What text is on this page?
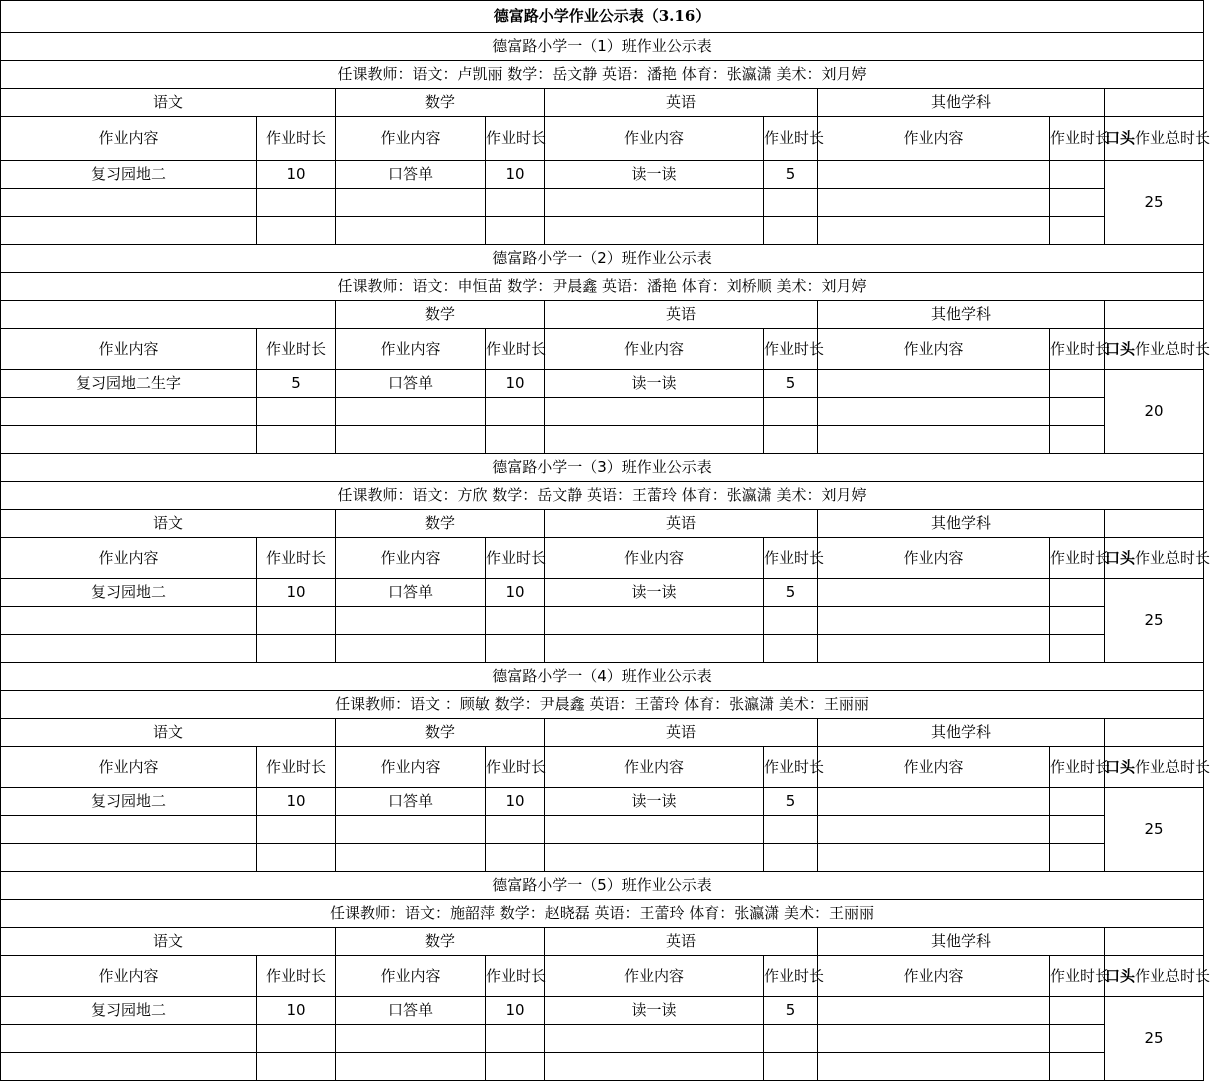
德富路小学作业公示表（3.16）								
德富路小学一（1）班作业公示表								
任课教师：语文：卢凯丽 数学：岳文静 英语：潘艳 体育：张瀛潇 美术：刘月婷								
语文		数学		英语		其他学科		
作业内容	作业时长	作业内容	作业时长	作业内容	作业时长	作业内容	作业时长	口头作业总时长
复习园地二	10	口答单	10	读一读	5			25

德富路小学一（2）班作业公示表								
任课教师：语文：申恒苗 数学：尹晨鑫 英语：潘艳 体育：刘桥顺 美术：刘月婷								
		数学		英语		其他学科		
作业内容	作业时长	作业内容	作业时长	作业内容	作业时长	作业内容	作业时长	口头作业总时长
复习园地二生字	5	口答单	10	读一读	5			20

德富路小学一（3）班作业公示表								
任课教师：语文：方欣 数学：岳文静 英语：王蕾玲 体育：张瀛潇 美术：刘月婷								
语文		数学		英语		其他学科		
作业内容	作业时长	作业内容	作业时长	作业内容	作业时长	作业内容	作业时长	口头作业总时长
复习园地二	10	口答单	10	读一读	5			25

德富路小学一（4）班作业公示表								
任课教师：语文 ：顾敏 数学：尹晨鑫 英语：王蕾玲 体育：张瀛潇 美术：王丽丽								
语文		数学		英语		其他学科		
作业内容	作业时长	作业内容	作业时长	作业内容	作业时长	作业内容	作业时长	口头作业总时长
复习园地二	10	口答单	10	读一读	5			25

德富路小学一（5）班作业公示表								
任课教师：语文：施韶萍 数学：赵晓磊 英语：王蕾玲 体育：张瀛潇 美术：王丽丽								
语文		数学		英语		其他学科		
作业内容	作业时长	作业内容	作业时长	作业内容	作业时长	作业内容	作业时长	口头作业总时长
复习园地二	10	口答单	10	读一读	5			25
